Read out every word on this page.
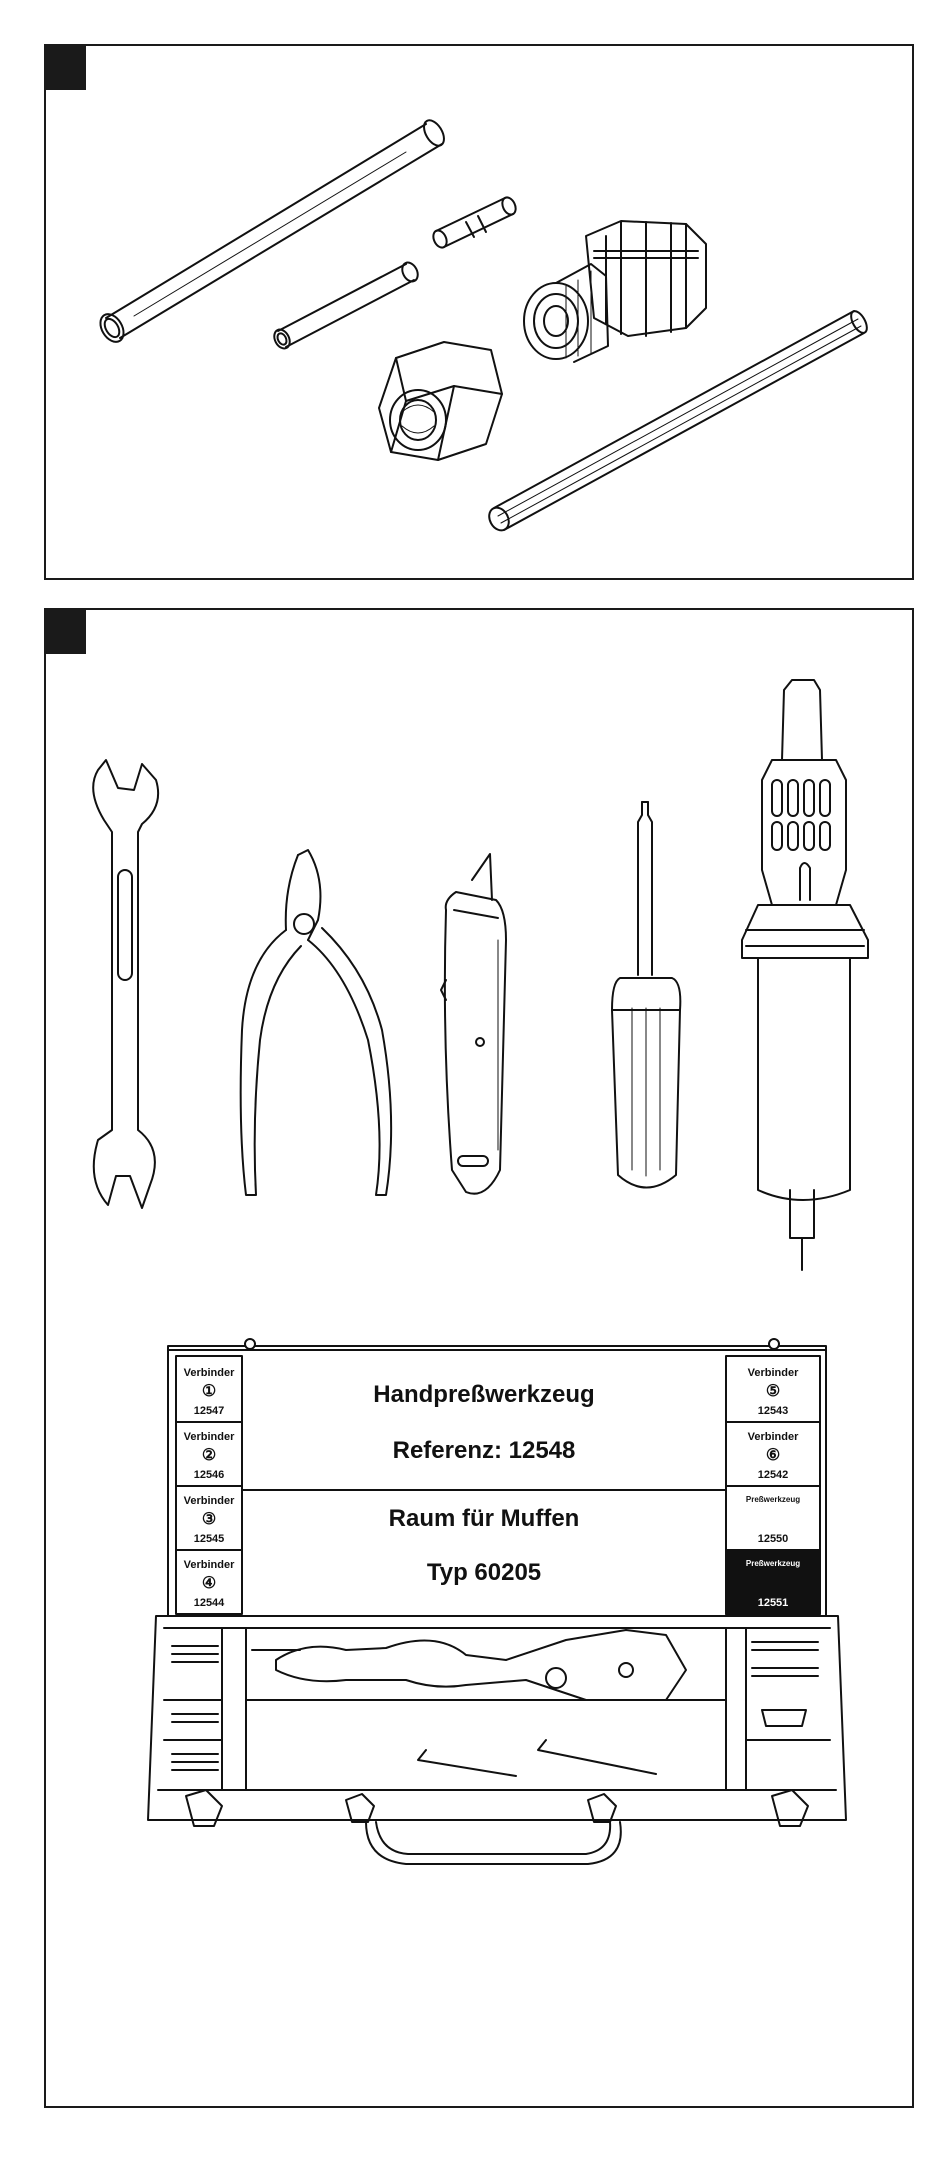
Verbinder
①
12547
Verbinder
②
12546
Verbinder
③
12545
Verbinder
④
12544
Verbinder
⑤
12543
Verbinder
⑥
12542
Preßwerkzeug
12550
Preßwerkzeug
12551
Handpreßwerkzeug
Referenz: 12548
Raum für Muffen
Typ 60205
